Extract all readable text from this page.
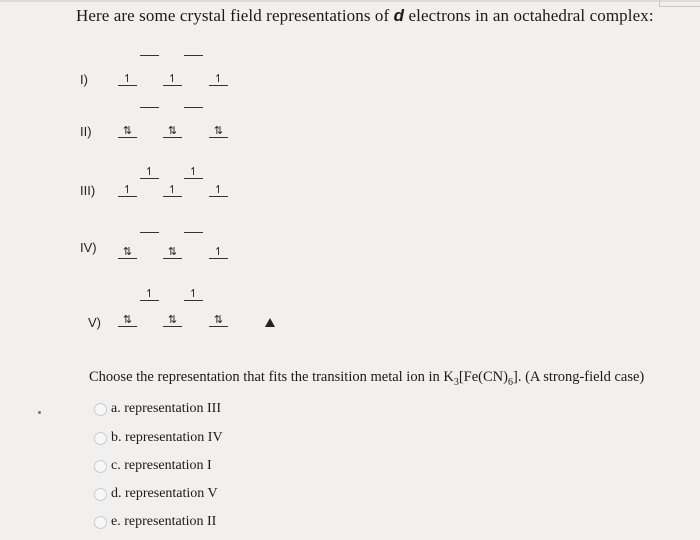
Here are some crystal field representations of d electrons in an octahedral complex:
I)	↿	↿	↿
II)	⇅	⇅	⇅
III)
↿	↿
↿	↿	↿
IV)	⇅	⇅	↿
V)
↿	↿
⇅	⇅	⇅
Choose the representation that fits the transition metal ion in $K_3[Fe(CN)_6]$. (A strong-field case)
a. representation III
b. representation IV
c. representation I
d. representation V
e. representation II
